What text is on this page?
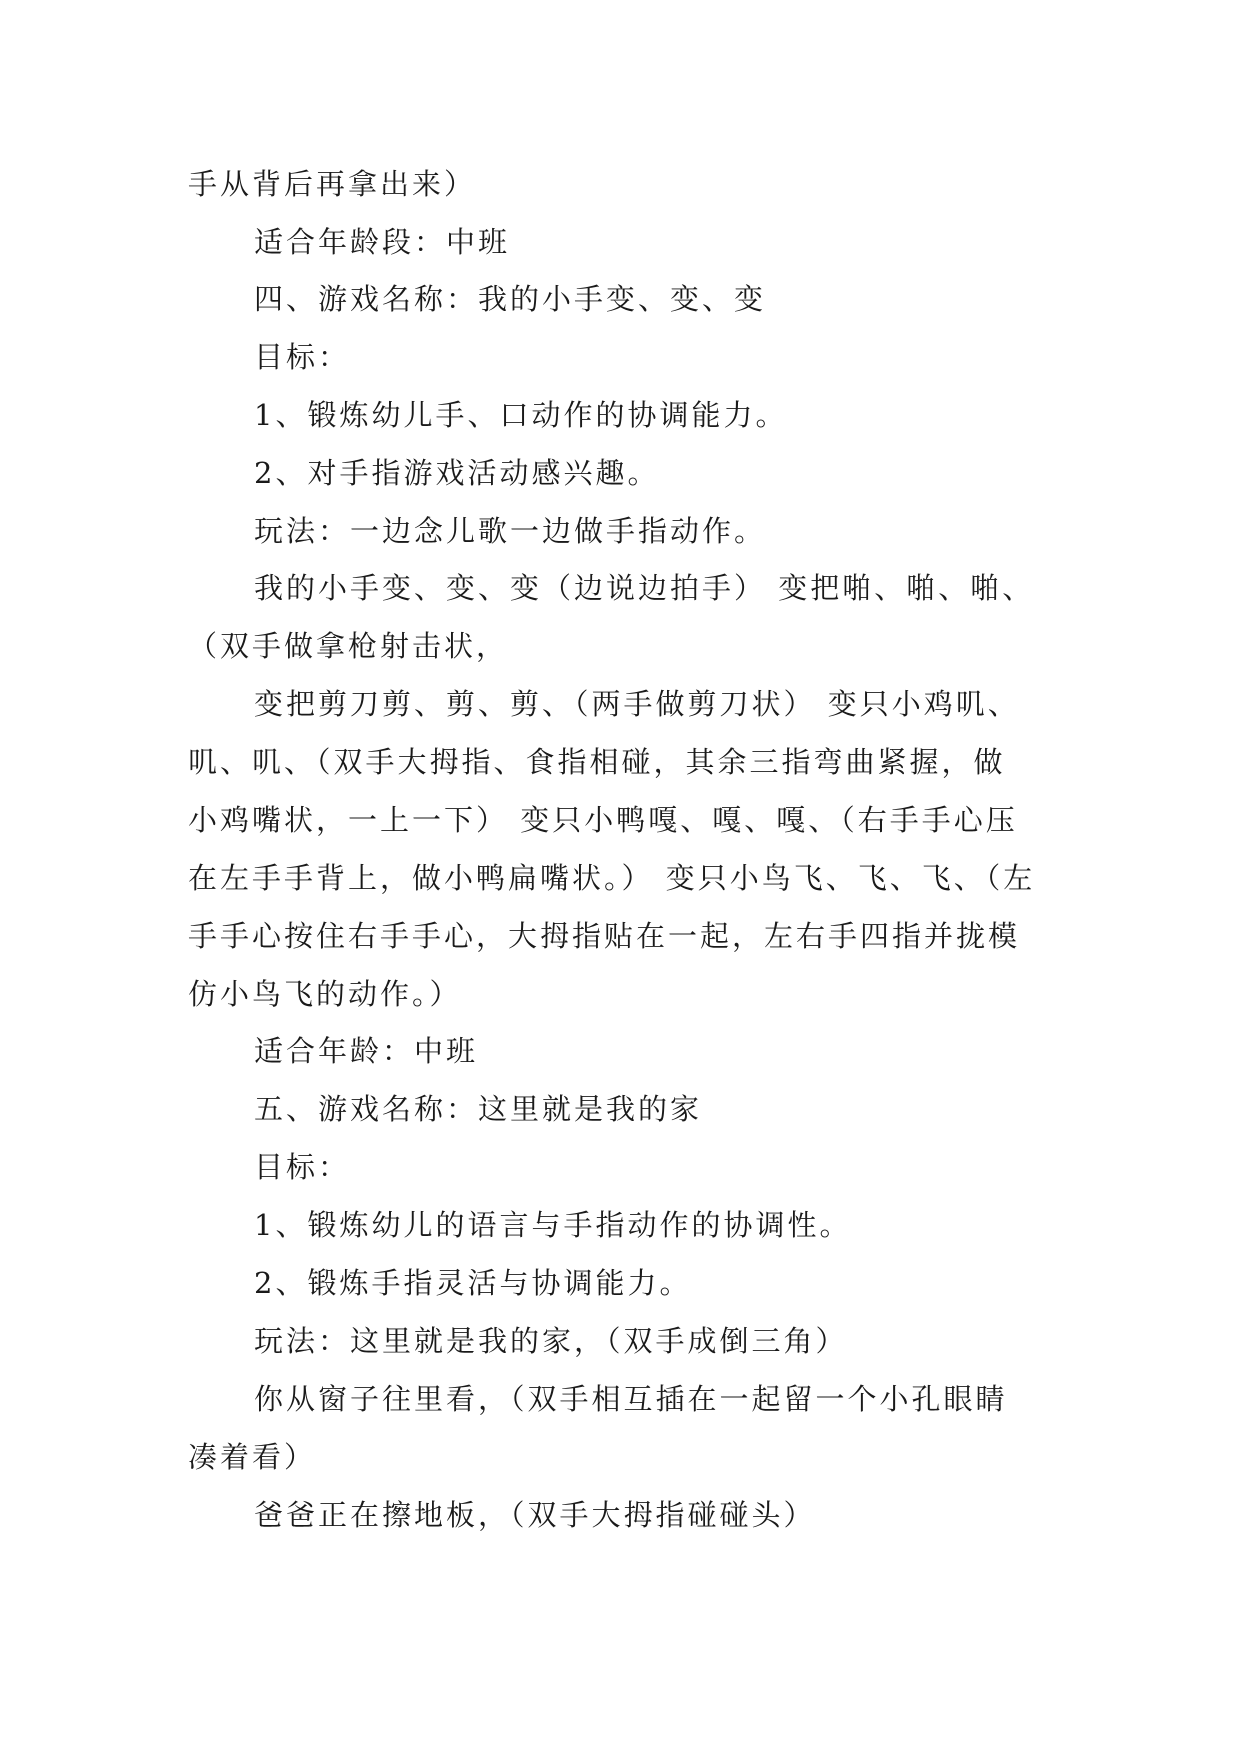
手从背后再拿出来）
适合年龄段：中班
四、游戏名称：我的小手变、变、变
目标：
1、锻炼幼儿手、口动作的协调能力。
2、对手指游戏活动感兴趣。
玩法：一边念儿歌一边做手指动作。
我的小手变、变、变（边说边拍手） 变把啪、啪、啪、
（双手做拿枪射击状，
变把剪刀剪、剪、剪、（两手做剪刀状） 变只小鸡叽、
叽、叽、（双手大拇指、食指相碰，其余三指弯曲紧握，做
小鸡嘴状，一上一下） 变只小鸭嘎、嘎、嘎、（右手手心压
在左手手背上，做小鸭扁嘴状。） 变只小鸟飞、飞、飞、（左
手手心按住右手手心，大拇指贴在一起，左右手四指并拢模
仿小鸟飞的动作。）
适合年龄：中班
五、游戏名称：这里就是我的家
目标：
1、锻炼幼儿的语言与手指动作的协调性。
2、锻炼手指灵活与协调能力。
玩法：这里就是我的家，（双手成倒三角）
你从窗子往里看，（双手相互插在一起留一个小孔眼睛
凑着看）
爸爸正在擦地板，（双手大拇指碰碰头）
